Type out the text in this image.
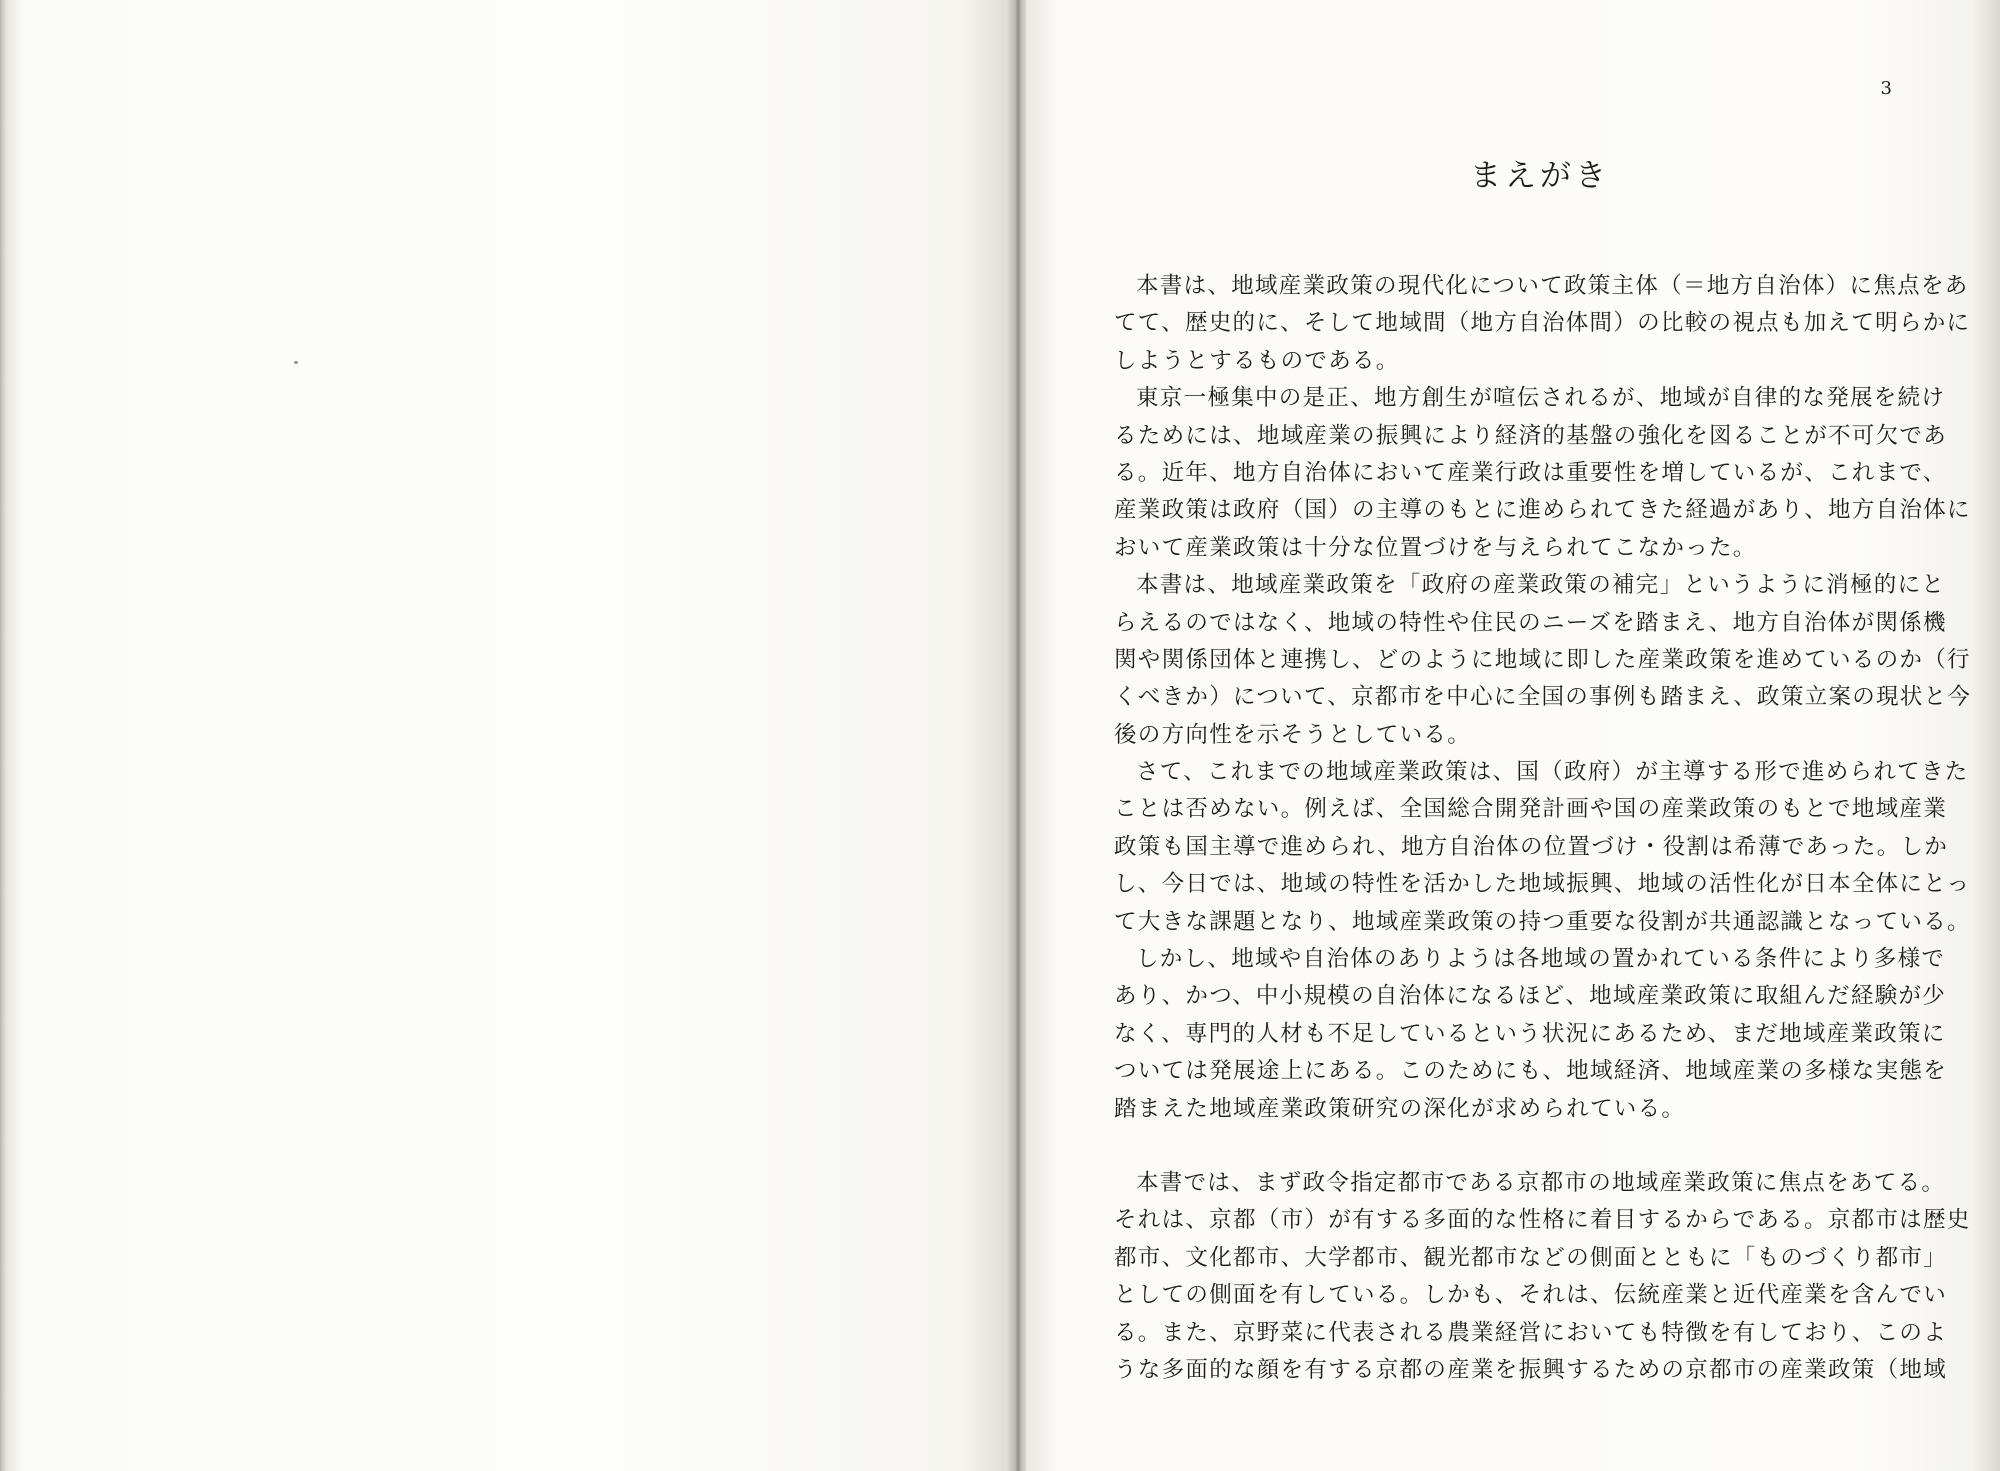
3
まえがき
本書は、地域産業政策の現代化について政策主体（＝地方自治体）に焦点をあ
てて、歴史的に、そして地域間（地方自治体間）の比較の視点も加えて明らかに
しようとするものである。
東京一極集中の是正、地方創生が喧伝されるが、地域が自律的な発展を続け
るためには、地域産業の振興により経済的基盤の強化を図ることが不可欠であ
る。近年、地方自治体において産業行政は重要性を増しているが、これまで、
産業政策は政府（国）の主導のもとに進められてきた経過があり、地方自治体に
おいて産業政策は十分な位置づけを与えられてこなかった。
本書は、地域産業政策を「政府の産業政策の補完」というように消極的にと
らえるのではなく、地域の特性や住民のニーズを踏まえ、地方自治体が関係機
関や関係団体と連携し、どのように地域に即した産業政策を進めているのか（行
くべきか）について、京都市を中心に全国の事例も踏まえ、政策立案の現状と今
後の方向性を示そうとしている。
さて、これまでの地域産業政策は、国（政府）が主導する形で進められてきた
ことは否めない。例えば、全国総合開発計画や国の産業政策のもとで地域産業
政策も国主導で進められ、地方自治体の位置づけ・役割は希薄であった。しか
し、今日では、地域の特性を活かした地域振興、地域の活性化が日本全体にとっ
て大きな課題となり、地域産業政策の持つ重要な役割が共通認識となっている。
しかし、地域や自治体のありようは各地域の置かれている条件により多様で
あり、かつ、中小規模の自治体になるほど、地域産業政策に取組んだ経験が少
なく、専門的人材も不足しているという状況にあるため、まだ地域産業政策に
ついては発展途上にある。このためにも、地域経済、地域産業の多様な実態を
踏まえた地域産業政策研究の深化が求められている。
本書では、まず政令指定都市である京都市の地域産業政策に焦点をあてる。
それは、京都（市）が有する多面的な性格に着目するからである。京都市は歴史
都市、文化都市、大学都市、観光都市などの側面とともに「ものづくり都市」
としての側面を有している。しかも、それは、伝統産業と近代産業を含んでい
る。また、京野菜に代表される農業経営においても特徴を有しており、このよ
うな多面的な顔を有する京都の産業を振興するための京都市の産業政策（地域
